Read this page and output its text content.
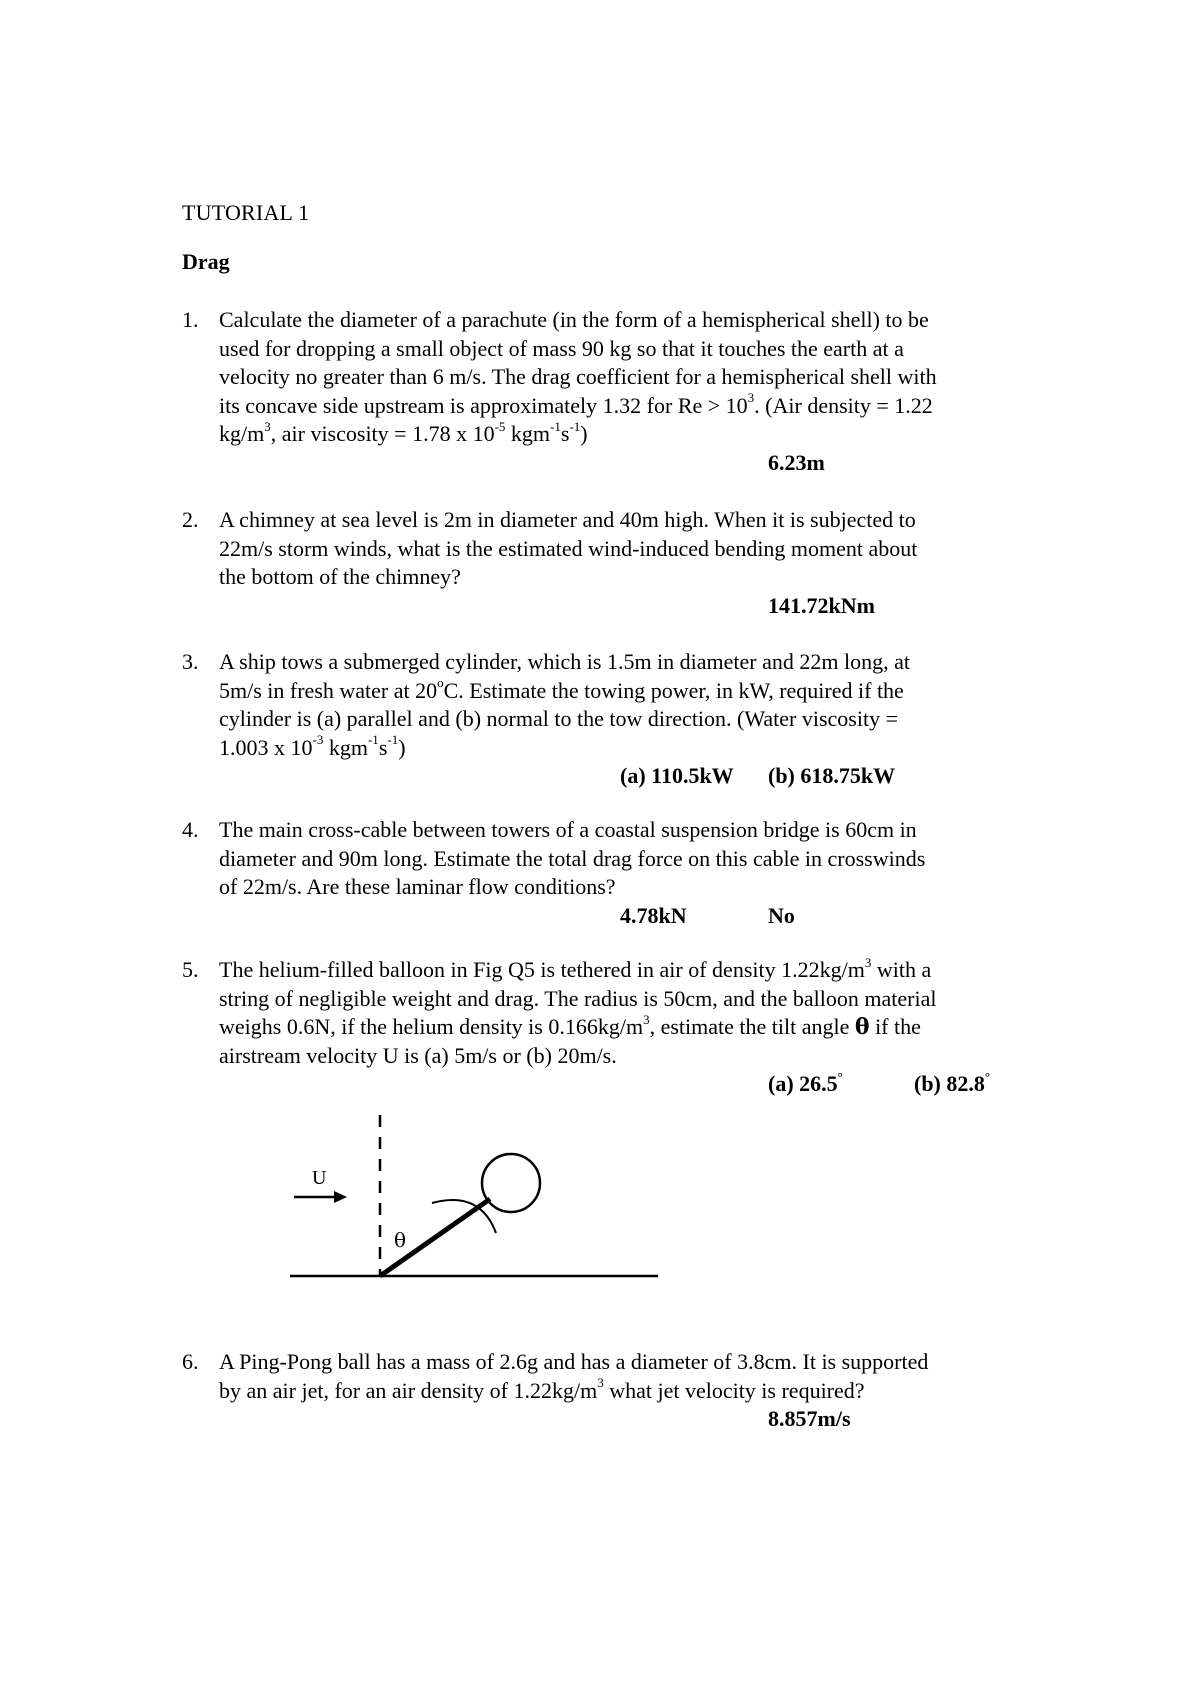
TUTORIAL 1
Drag
1. Calculate the diameter of a parachute (in the form of a hemispherical shell) to be
used for dropping a small object of mass 90 kg so that it touches the earth at a
velocity no greater than 6 m/s. The drag coefficient for a hemispherical shell with
its concave side upstream is approximately 1.32 for $Re > 10^3$. (Air density = 1.22
$kg/m^3$, air viscosity = 1.78 x $10^{-5}$ $kgm^{-1}s^{-1}$)
6.23m
2. A chimney at sea level is 2m in diameter and 40m high. When it is subjected to
22m/s storm winds, what is the estimated wind-induced bending moment about
the bottom of the chimney?
141.72kNm
3. A ship tows a submerged cylinder, which is 1.5m in diameter and 22m long, at
5m/s in fresh water at 20$^o$C. Estimate the towing power, in kW, required if the
cylinder is (a) parallel and (b) normal to the tow direction. (Water viscosity =
1.003 x $10^{-3}$ $kgm^{-1}s^{-1}$)
(a) 110.5kW (b) 618.75kW
4. The main cross-cable between towers of a coastal suspension bridge is 60cm in
diameter and 90m long. Estimate the total drag force on this cable in crosswinds
of 22m/s. Are these laminar flow conditions?
4.78kN	No
5. The helium-filled balloon in Fig Q5 is tethered in air of density $1.22kg/m^3$ with a
string of negligible weight and drag. The radius is 50cm, and the balloon material
weighs 0.6N, if the helium density is $0.166kg/m^3$, estimate the tilt angle θ if the
airstream velocity U is (a) 5m/s or (b) 20m/s.
(a) 26.5°	(b) 82.8°
U
θ
6. A Ping-Pong ball has a mass of 2.6g and has a diameter of 3.8cm. It is supported
by an air jet, for an air density of $1.22kg/m^3$ what jet velocity is required?
8.857m/s
